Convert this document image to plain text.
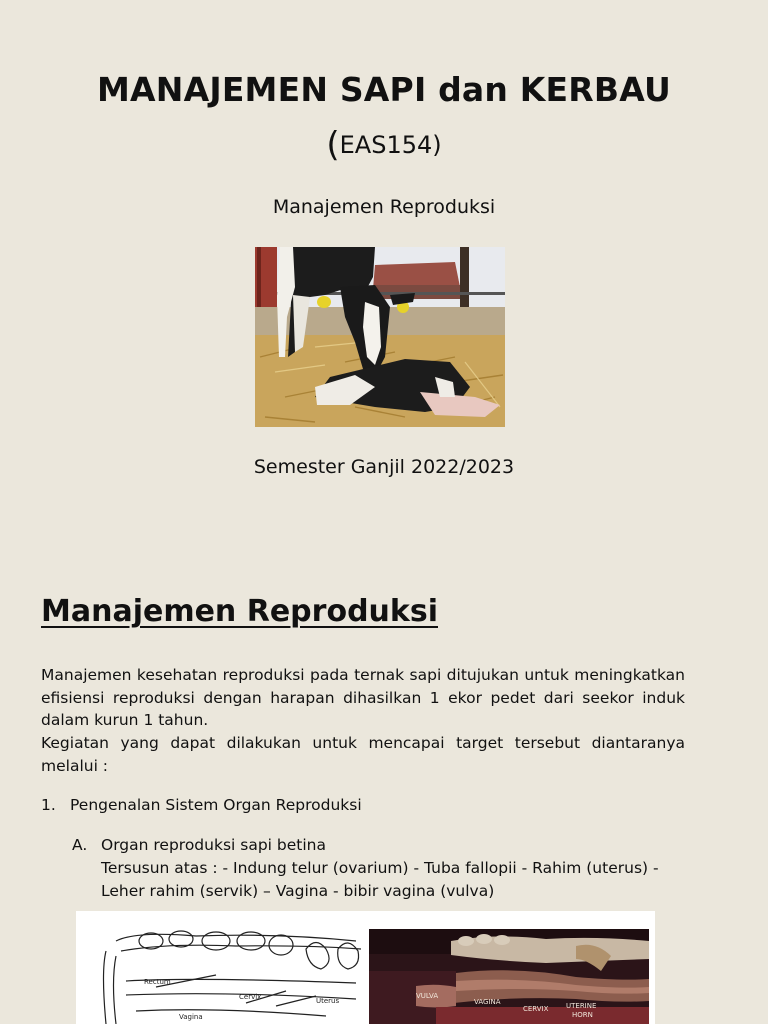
MANAJEMEN SAPI dan KERBAU
(EAS154)
Manajemen Reproduksi
Semester Ganjil 2022/2023
Manajemen Reproduksi
Manajemen kesehatan reproduksi pada ternak sapi ditujukan untuk meningkatkan efisiensi reproduksi dengan harapan dihasilkan 1 ekor pedet dari seekor induk dalam kurun 1 tahun.
Kegiatan yang dapat dilakukan untuk mencapai target tersebut diantaranya melalui :
1. Pengenalan Sistem Organ Reproduksi
A. Organ reproduksi sapi betina
Tersusun atas : - Indung telur (ovarium) - Tuba fallopii - Rahim (uterus) -
Leher rahim (servik) – Vagina - bibir vagina (vulva)
Rectum
Cervix	Uterus
Vagina
VULVA
VAGINA
CERVIX	UTERINE
HORN
